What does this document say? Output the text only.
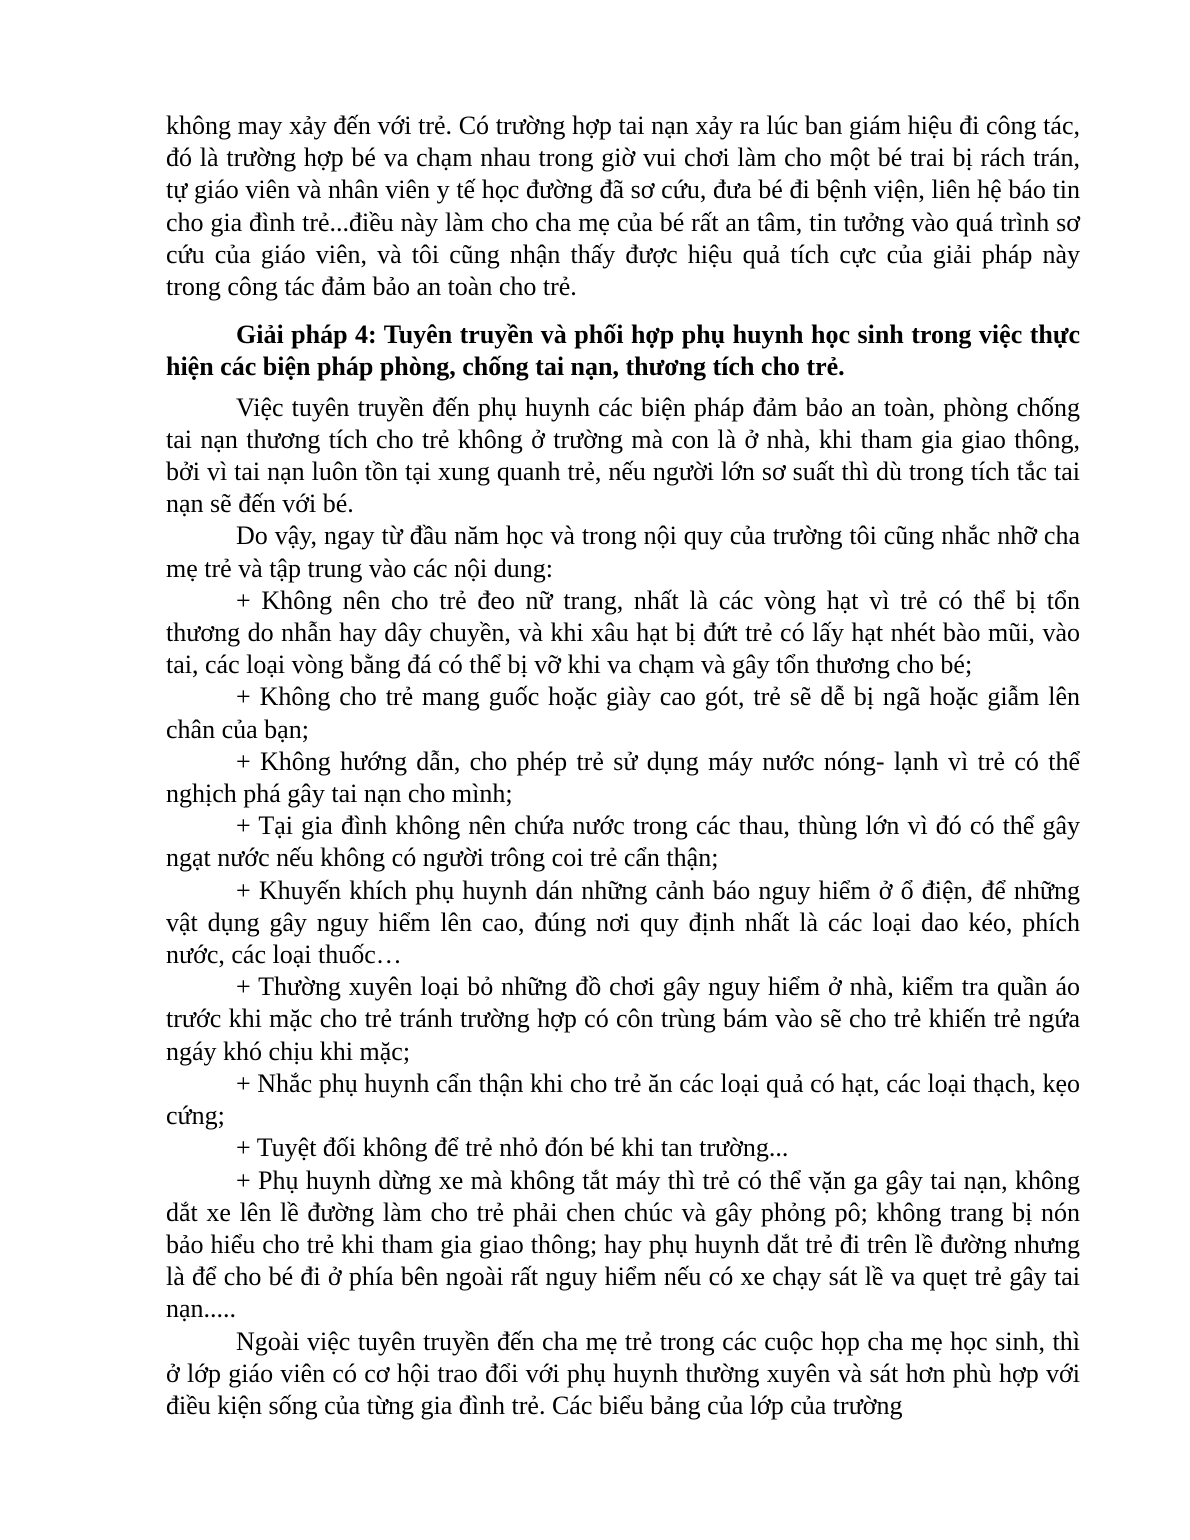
không may xảy đến với trẻ. Có trường hợp tai nạn xảy ra lúc ban giám hiệu đi công tác, đó là trường hợp bé va chạm nhau trong giờ vui chơi làm cho một bé trai bị rách trán, tự giáo viên và nhân viên y tế học đường đã sơ cứu, đưa bé đi bệnh viện, liên hệ báo tin cho gia đình trẻ...điều này làm cho cha mẹ của bé rất an tâm, tin tưởng vào quá trình sơ cứu của giáo viên, và tôi cũng nhận thấy được hiệu quả tích cực của giải pháp này trong công tác đảm bảo an toàn cho trẻ.

Giải pháp 4: Tuyên truyền và phối hợp phụ huynh học sinh trong việc thực hiện các biện pháp phòng, chống tai nạn, thương tích cho trẻ.

Việc tuyên truyền đến phụ huynh các biện pháp đảm bảo an toàn, phòng chống tai nạn thương tích cho trẻ không ở trường mà con là ở nhà, khi tham gia giao thông, bởi vì tai nạn luôn tồn tại xung quanh trẻ, nếu người lớn sơ suất thì dù trong tích tắc tai nạn sẽ đến với bé.

Do vậy, ngay từ đầu năm học và trong nội quy của trường tôi cũng nhắc nhỡ cha mẹ trẻ và tập trung vào các nội dung:

+ Không nên cho trẻ đeo nữ trang, nhất là các vòng hạt vì trẻ có thể bị tổn thương do nhẫn hay dây chuyền, và khi xâu hạt bị đứt trẻ có lấy hạt nhét bào mũi, vào tai, các loại vòng bằng đá có thể bị vỡ khi va chạm và gây tổn thương cho bé;

+ Không cho trẻ mang guốc hoặc giày cao gót, trẻ sẽ dễ bị ngã hoặc giẫm lên chân của bạn;

+ Không hướng dẫn, cho phép trẻ sử dụng máy nước nóng- lạnh vì trẻ có thể nghịch phá gây tai nạn cho mình;

+ Tại gia đình không nên chứa nước trong các thau, thùng lớn vì đó có thể gây ngạt nước nếu không có người trông coi trẻ cẩn thận;

+ Khuyến khích phụ huynh dán những cảnh báo nguy hiểm ở ổ điện, để những vật dụng gây nguy hiểm lên cao, đúng nơi quy định nhất là các loại dao kéo, phích nước, các loại thuốc…

+ Thường xuyên loại bỏ những đồ chơi gây nguy hiểm ở nhà, kiểm tra quần áo trước khi mặc cho trẻ tránh trường hợp có côn trùng bám vào sẽ cho trẻ khiến trẻ ngứa ngáy khó chịu khi mặc;

+ Nhắc phụ huynh cẩn thận khi cho trẻ ăn các loại quả có hạt, các loại thạch, kẹo cứng;

+ Tuyệt đối không để trẻ nhỏ đón bé khi tan trường...

+ Phụ huynh dừng xe mà không tắt máy thì trẻ có thể vặn ga gây tai nạn, không dắt xe lên lề đường làm cho trẻ phải chen chúc và gây phỏng pô; không trang bị nón bảo hiểu cho trẻ khi tham gia giao thông; hay phụ huynh dắt trẻ đi trên lề đường nhưng là để cho bé đi ở phía bên ngoài rất nguy hiểm nếu có xe chạy sát lề va quẹt trẻ gây tai nạn.....

Ngoài việc tuyên truyền đến cha mẹ trẻ trong các cuộc họp cha mẹ học sinh, thì ở lớp giáo viên có cơ hội trao đổi với phụ huynh thường xuyên và sát hơn phù hợp với điều kiện sống của từng gia đình trẻ. Các biểu bảng của lớp của trường
